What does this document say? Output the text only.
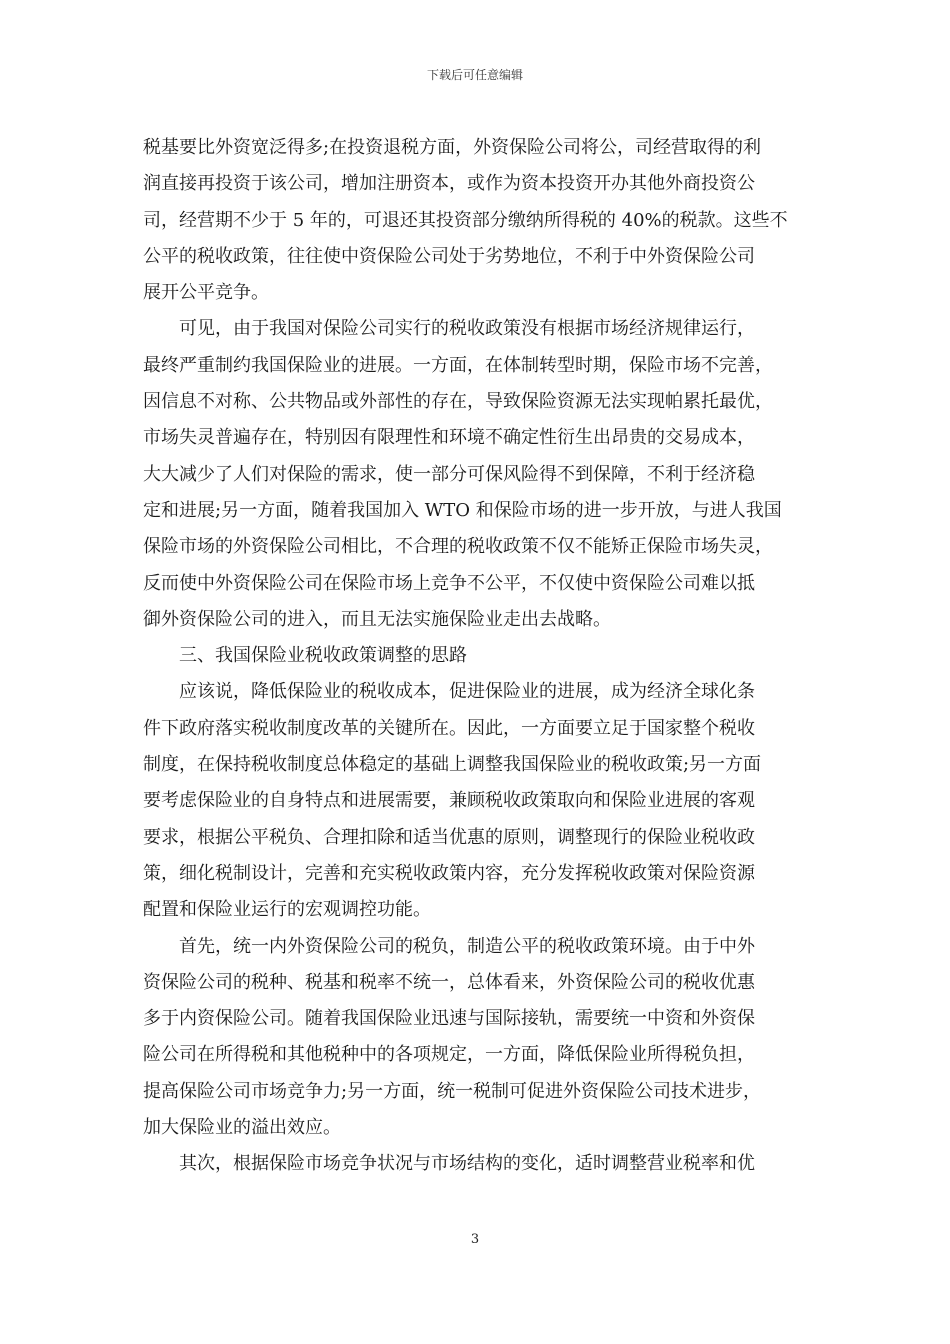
下载后可任意编辑

税基要比外资宽泛得多;在投资退税方面，外资保险公司将公，司经营取得的利
润直接再投资于该公司，增加注册资本，或作为资本投资开办其他外商投资公
司，经营期不少于 5 年的，可退还其投资部分缴纳所得税的 40%的税款。这些不
公平的税收政策，往往使中资保险公司处于劣势地位，不利于中外资保险公司
展开公平竞争。

　　可见，由于我国对保险公司实行的税收政策没有根据市场经济规律运行，
最终严重制约我国保险业的进展。一方面，在体制转型时期，保险市场不完善，
因信息不对称、公共物品或外部性的存在，导致保险资源无法实现帕累托最优，
市场失灵普遍存在，特别因有限理性和环境不确定性衍生出昂贵的交易成本，
大大减少了人们对保险的需求，使一部分可保风险得不到保障，不利于经济稳
定和进展;另一方面，随着我国加入 WTO 和保险市场的进一步开放，与进人我国
保险市场的外资保险公司相比，不合理的税收政策不仅不能矫正保险市场失灵，
反而使中外资保险公司在保险市场上竞争不公平，不仅使中资保险公司难以抵
御外资保险公司的进入，而且无法实施保险业走出去战略。

　　三、我国保险业税收政策调整的思路

　　应该说，降低保险业的税收成本，促进保险业的进展，成为经济全球化条
件下政府落实税收制度改革的关键所在。因此，一方面要立足于国家整个税收
制度，在保持税收制度总体稳定的基础上调整我国保险业的税收政策;另一方面
要考虑保险业的自身特点和进展需要，兼顾税收政策取向和保险业进展的客观
要求，根据公平税负、合理扣除和适当优惠的原则，调整现行的保险业税收政
策，细化税制设计，完善和充实税收政策内容，充分发挥税收政策对保险资源
配置和保险业运行的宏观调控功能。

　　首先，统一内外资保险公司的税负，制造公平的税收政策环境。由于中外
资保险公司的税种、税基和税率不统一，总体看来，外资保险公司的税收优惠
多于内资保险公司。随着我国保险业迅速与国际接轨，需要统一中资和外资保
险公司在所得税和其他税种中的各项规定，一方面，降低保险业所得税负担，
提高保险公司市场竞争力;另一方面，统一税制可促进外资保险公司技术进步，
加大保险业的溢出效应。

　　其次，根据保险市场竞争状况与市场结构的变化，适时调整营业税率和优

3
